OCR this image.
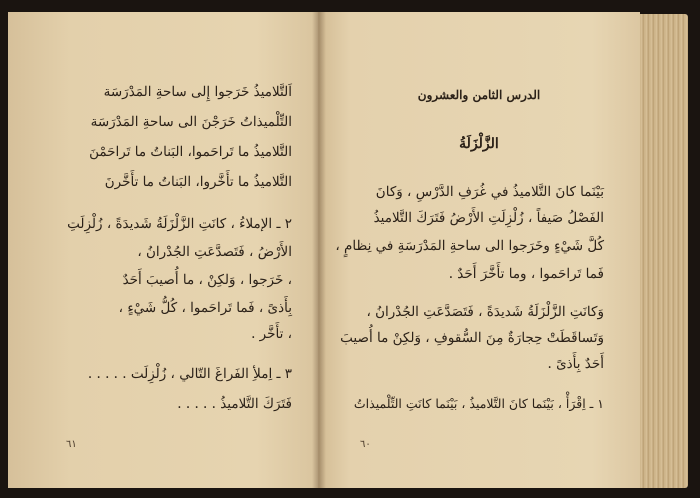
اَلتَّلاميذُ خَرَجوا إِلى ساحةِ المَدْرَسَة
التِّلْميذاتُ خَرَجْنَ الى ساحةِ المَدْرَسَة
التَّلاميذُ ما تَراحَموا، البَناتُ ما تَراحَمْنَ
التَّلاميذُ ما تأَخَّروا، البَناتُ ما تأَخَّرنَ
٢ ـ الإملاءُ ، كانَتِ الزَّلْزَلَةُ شَديدَةً ، زُلْزِلَتِ
الأَرْضُ ، فَتَصدَّعَتِ الجُدْرانُ ،
، خَرَجوا ، وَلكِنْ ، ما أُصيبَ أَحَدٌ
بِأَذىً ، فَما تَراحَموا ، كُلُّ شَيْءٍ ،
، تأَخَّر .
٣ ـ اِملأِ الفَراغَ التّالي ، زُلْزِلَت . . . . .
فَتَرَكَ التَّلاميذُ . . . . .
٦١
الدرس الثامن والعشرون
الزَّلْزَلَةُ
بَيْنَما كانَ التَّلاميذُ في غُرَفِ الدَّرْسِ ، وَكانَ
الفَصْلُ صَيفاً ، زُلْزِلَتِ الأَرْضُ فَتَرَكَ التَّلاميذُ
كُلَّ شَيْءٍ وخَرَجوا الى ساحةِ المَدْرَسَةِ في نِظامٍ ،
فَما تَراحَموا ، وما تأَخَّرَ أَحَدٌ .
وَكانَتِ الزَّلْزَلَةُ شَديدَةً ، فَتَصَدَّعَتِ الجُدْرانُ ،
وَتَساقَطَتْ حِجارَةٌ مِنَ السُّقوفِ ، وَلكِنْ ما أُصيبَ
أَحَدٌ بِأَذىً .
١ ـ اِقْرَأْ ، بَيْنَما كانَ التَّلاميذُ ، بَيْنَما كانَتِ التِّلْميذاتُ
٦٠
